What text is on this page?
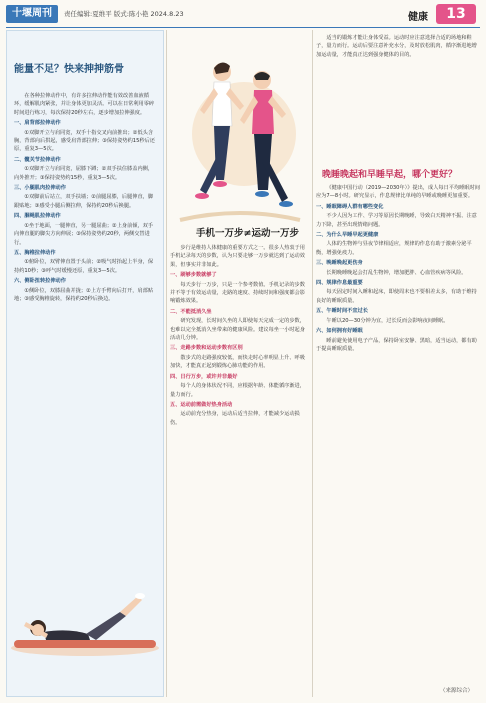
十堰周刊	责任编辑:夏维平 版式:陈小艳 2024.8.23	健康	13
能量不足？快来抻抻筋骨

在各种拉伸动作中，有许多拉伸动作能有效改善血液循环，缓解肌肉紧张，并让身体更加灵活。可以在日常利用零碎时间进行练习，每次保持20秒左右，逐步增加拉伸强度。

一、肩背部拉伸动作

①双脚开立与肩同宽，双手十指交叉向前推出；②低头含胸，背部向后拱起，感受肩背部拉伸；③保持姿势约15秒后还原，重复3—5次。

二、髋关节拉伸动作

①双脚开立与肩同宽，屈膝下蹲；②双手扶住膝盖内侧，向外推开；③保持姿势约15秒，重复3—5次。

三、小腿肌肉拉伸动作

①双脚前后站立，双手扶墙；②前腿屈膝，后腿伸直，脚跟贴地；③感受小腿后侧拉伸，保持约20秒后换腿。

四、腘绳肌拉伸动作

①坐于地面，一腿伸直，另一腿屈曲；②上身前倾，双手向伸直腿的脚尖方向伸展；③保持姿势约20秒，两侧交替进行。

五、胸椎拉伸动作

①俯卧位，双臂伸直置于头前；②吸气时抬起上半身，保持约10秒；③呼气时缓慢还原，重复3—5次。

六、侧卧扭转拉伸动作

①侧卧位，双膝屈曲并拢；②上方手臂向后打开，肩部贴地；③感受胸椎旋转，保持约20秒后换边。

手机一万步≠运动一万步

步行是维持人体健康的重要方式之一。很多人热衷于用手机记录每天的步数，认为只要走够一万步就达到了运动效果，但事实并非如此。

一、刷够步数就够了

每天步行一万步，只是一个参考数值。手机记录的步数并不等于有效运动量，走路的速度、持续时间和强度都会影响锻炼效果。

二、不能抵消久坐

研究发现，长时间久坐的人即使每天完成一定的步数，也难以完全抵消久坐带来的健康风险。建议每坐一小时起身活动几分钟。

三、走路步数和运动步数有区别

散步式的走路强度较低，而快走时心率明显上升、呼吸加快，才能真正起到锻炼心肺功能的作用。

四、日行万步，或许并非最好

每个人的身体状况不同，应根据年龄、体能循序渐进，量力而行。

五、运动前需做好热身活动

运动前充分热身，运动后适当拉伸，才能减少运动损伤。

适当的锻炼才能让身体受益。运动时应注意选择合适的场地和鞋子，量力而行。运动后要注意补充水分，及时放松肌肉，循序渐进地增加运动量，才能真正达到强身健体的目的。

晚睡晚起和早睡早起，哪个更好？

《健康中国行动（2019—2030年）》提出，成人每日平均睡眠时间应为7—8小时。研究显示，作息规律比单纯的早睡或晚睡更加重要。

一、睡眠障碍人群有哪些变化

不少人因为工作、学习等原因长期晚睡，导致白天精神不振、注意力下降，甚至出现情绪问题。

二、为什么早睡早起更健康

人体的生物钟与昼夜节律相适应，规律的作息有助于激素分泌平衡，增强免疫力。

三、晚睡晚起更伤身

长期晚睡晚起会打乱生物钟，增加肥胖、心血管疾病等风险。

四、规律作息最重要

每天固定时间入睡和起床，即使周末也不要相差太多，有助于维持良好的睡眠质量。

五、午睡时间不宜过长

午睡以20—30分钟为宜，过长反而会影响夜间睡眠。

六、如何拥有好睡眠

睡前避免使用电子产品，保持卧室安静、黑暗，适当运动，都有助于提高睡眠质量。

（来源综合）
